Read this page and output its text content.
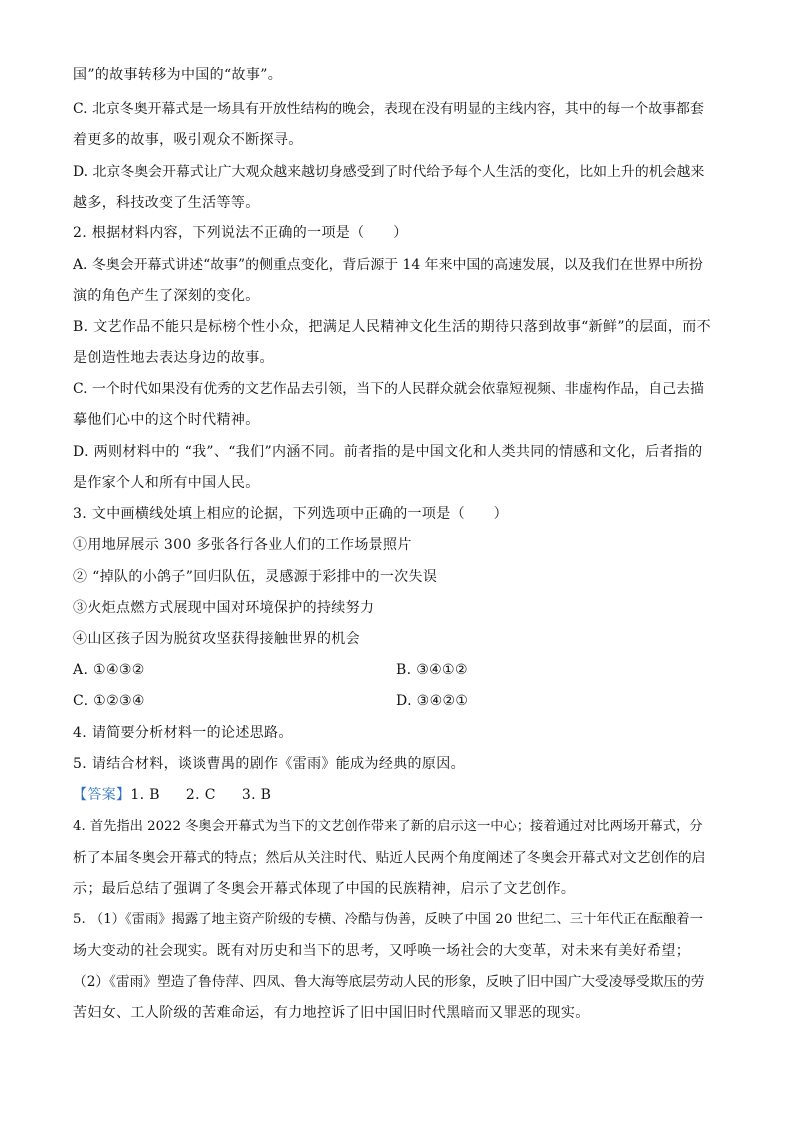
国”的故事转移为中国的“故事”。
C. 北京冬奥开幕式是一场具有开放性结构的晚会，表现在没有明显的主线内容，其中的每一个故事都套
着更多的故事，吸引观众不断探寻。
D. 北京冬奥会开幕式让广大观众越来越切身感受到了时代给予每个人生活的变化，比如上升的机会越来
越多，科技改变了生活等等。
2. 根据材料内容，下列说法不正确的一项是（　　）
A. 冬奥会开幕式讲述“故事”的侧重点变化，背后源于 14 年来中国的高速发展，以及我们在世界中所扮
演的角色产生了深刻的变化。
B. 文艺作品不能只是标榜个性小众，把满足人民精神文化生活的期待只落到故事“新鲜”的层面，而不
是创造性地去表达身边的故事。
C. 一个时代如果没有优秀的文艺作品去引领，当下的人民群众就会依靠短视频、非虚构作品，自己去描
摹他们心中的这个时代精神。
D. 两则材料中的 “我”、“我们”内涵不同。前者指的是中国文化和人类共同的情感和文化，后者指的
是作家个人和所有中国人民。
3. 文中画横线处填上相应的论据，下列选项中正确的一项是（　　）
①用地屏展示 300 多张各行各业人们的工作场景照片
② “掉队的小鸽子”回归队伍，灵感源于彩排中的一次失误
③火炬点燃方式展现中国对环境保护的持续努力
④山区孩子因为脱贫攻坚获得接触世界的机会
A. ①④③②	B. ③④①②
C. ①②③④	D. ③④②①
4. 请简要分析材料一的论述思路。
5. 请结合材料，谈谈曹禺的剧作《雷雨》能成为经典的原因。
【答案】1. B 2. C 3. B
4. 首先指出 2022 冬奥会开幕式为当下的文艺创作带来了新的启示这一中心；接着通过对比两场开幕式，分
析了本届冬奥会开幕式的特点；然后从关注时代、贴近人民两个角度阐述了冬奥会开幕式对文艺创作的启
示；最后总结了强调了冬奥会开幕式体现了中国的民族精神，启示了文艺创作。
5. （1）《雷雨》揭露了地主资产阶级的专横、冷酷与伪善，反映了中国 20 世纪二、三十年代正在酝酿着一
场大变动的社会现实。既有对历史和当下的思考，又呼唤一场社会的大变革，对未来有美好希望；
（2）《雷雨》塑造了鲁侍萍、四凤、鲁大海等底层劳动人民的形象，反映了旧中国广大受凌辱受欺压的劳
苦妇女、工人阶级的苦难命运，有力地控诉了旧中国旧时代黑暗而又罪恶的现实。
